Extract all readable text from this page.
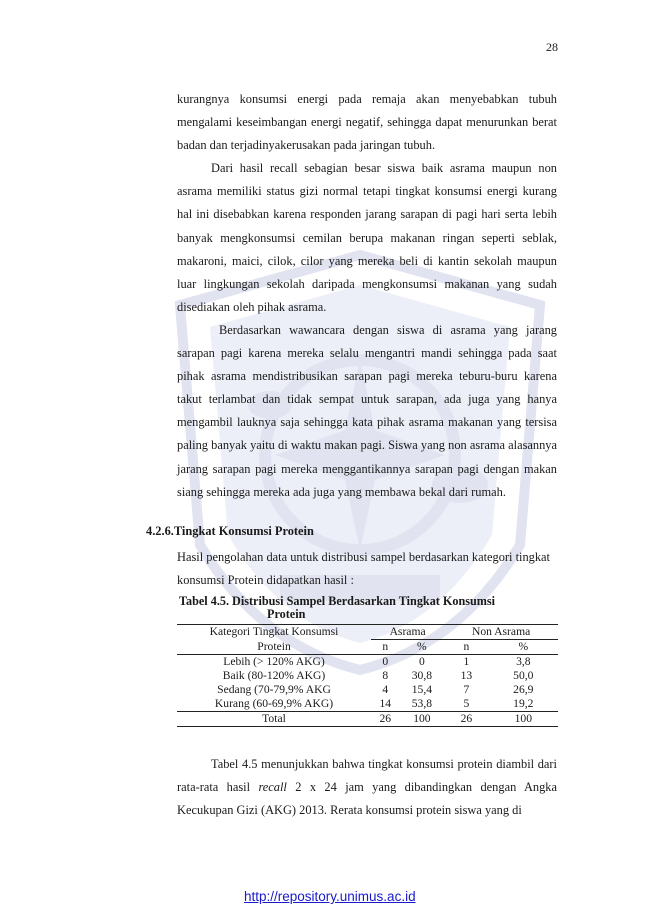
28

kurangnya konsumsi energi pada remaja akan menyebabkan tubuh mengalami keseimbangan energi negatif, sehingga dapat menurunkan berat badan dan terjadinyakerusakan pada jaringan tubuh.

Dari hasil recall sebagian besar siswa baik asrama maupun non asrama memiliki status gizi normal tetapi tingkat konsumsi energi kurang hal ini disebabkan karena responden jarang sarapan di pagi hari serta lebih banyak mengkonsumsi cemilan berupa makanan ringan seperti seblak, makaroni, maici, cilok, cilor yang mereka beli di kantin sekolah maupun luar lingkungan sekolah daripada mengkonsumsi makanan yang sudah disediakan oleh pihak asrama.

Berdasarkan wawancara dengan siswa di asrama yang jarang sarapan pagi karena mereka selalu mengantri mandi sehingga pada saat pihak asrama mendistribusikan sarapan pagi mereka teburu-buru karena takut terlambat dan tidak sempat untuk sarapan, ada juga yang hanya mengambil lauknya saja sehingga kata pihak asrama makanan yang tersisa paling banyak yaitu di waktu makan pagi. Siswa yang non asrama alasannya jarang sarapan pagi mereka menggantikannya sarapan pagi dengan makan siang sehingga mereka ada juga yang membawa bekal dari rumah.

4.2.6.Tingkat Konsumsi Protein

Hasil pengolahan data untuk distribusi sampel berdasarkan kategori tingkat konsumsi Protein didapatkan hasil :

Tabel 4.5. Distribusi Sampel Berdasarkan Tingkat Konsumsi
Protein
Kategori Tingkat Konsumsi	Asrama		Non Asrama	
Protein	n	%	n	%
Lebih (> 120% AKG)	0	0	1	3,8
Baik (80-120% AKG)	8	30,8	13	50,0
Sedang (70-79,9% AKG	4	15,4	7	26,9
Kurang (60-69,9% AKG)	14	53,8	5	19,2
Total	26	100	26	100

Tabel 4.5 menunjukkan bahwa tingkat konsumsi protein diambil dari rata-rata hasil recall 2 x 24 jam yang dibandingkan dengan Angka Kecukupan Gizi (AKG) 2013. Rerata konsumsi protein siswa yang di

http://repository.unimus.ac.id
